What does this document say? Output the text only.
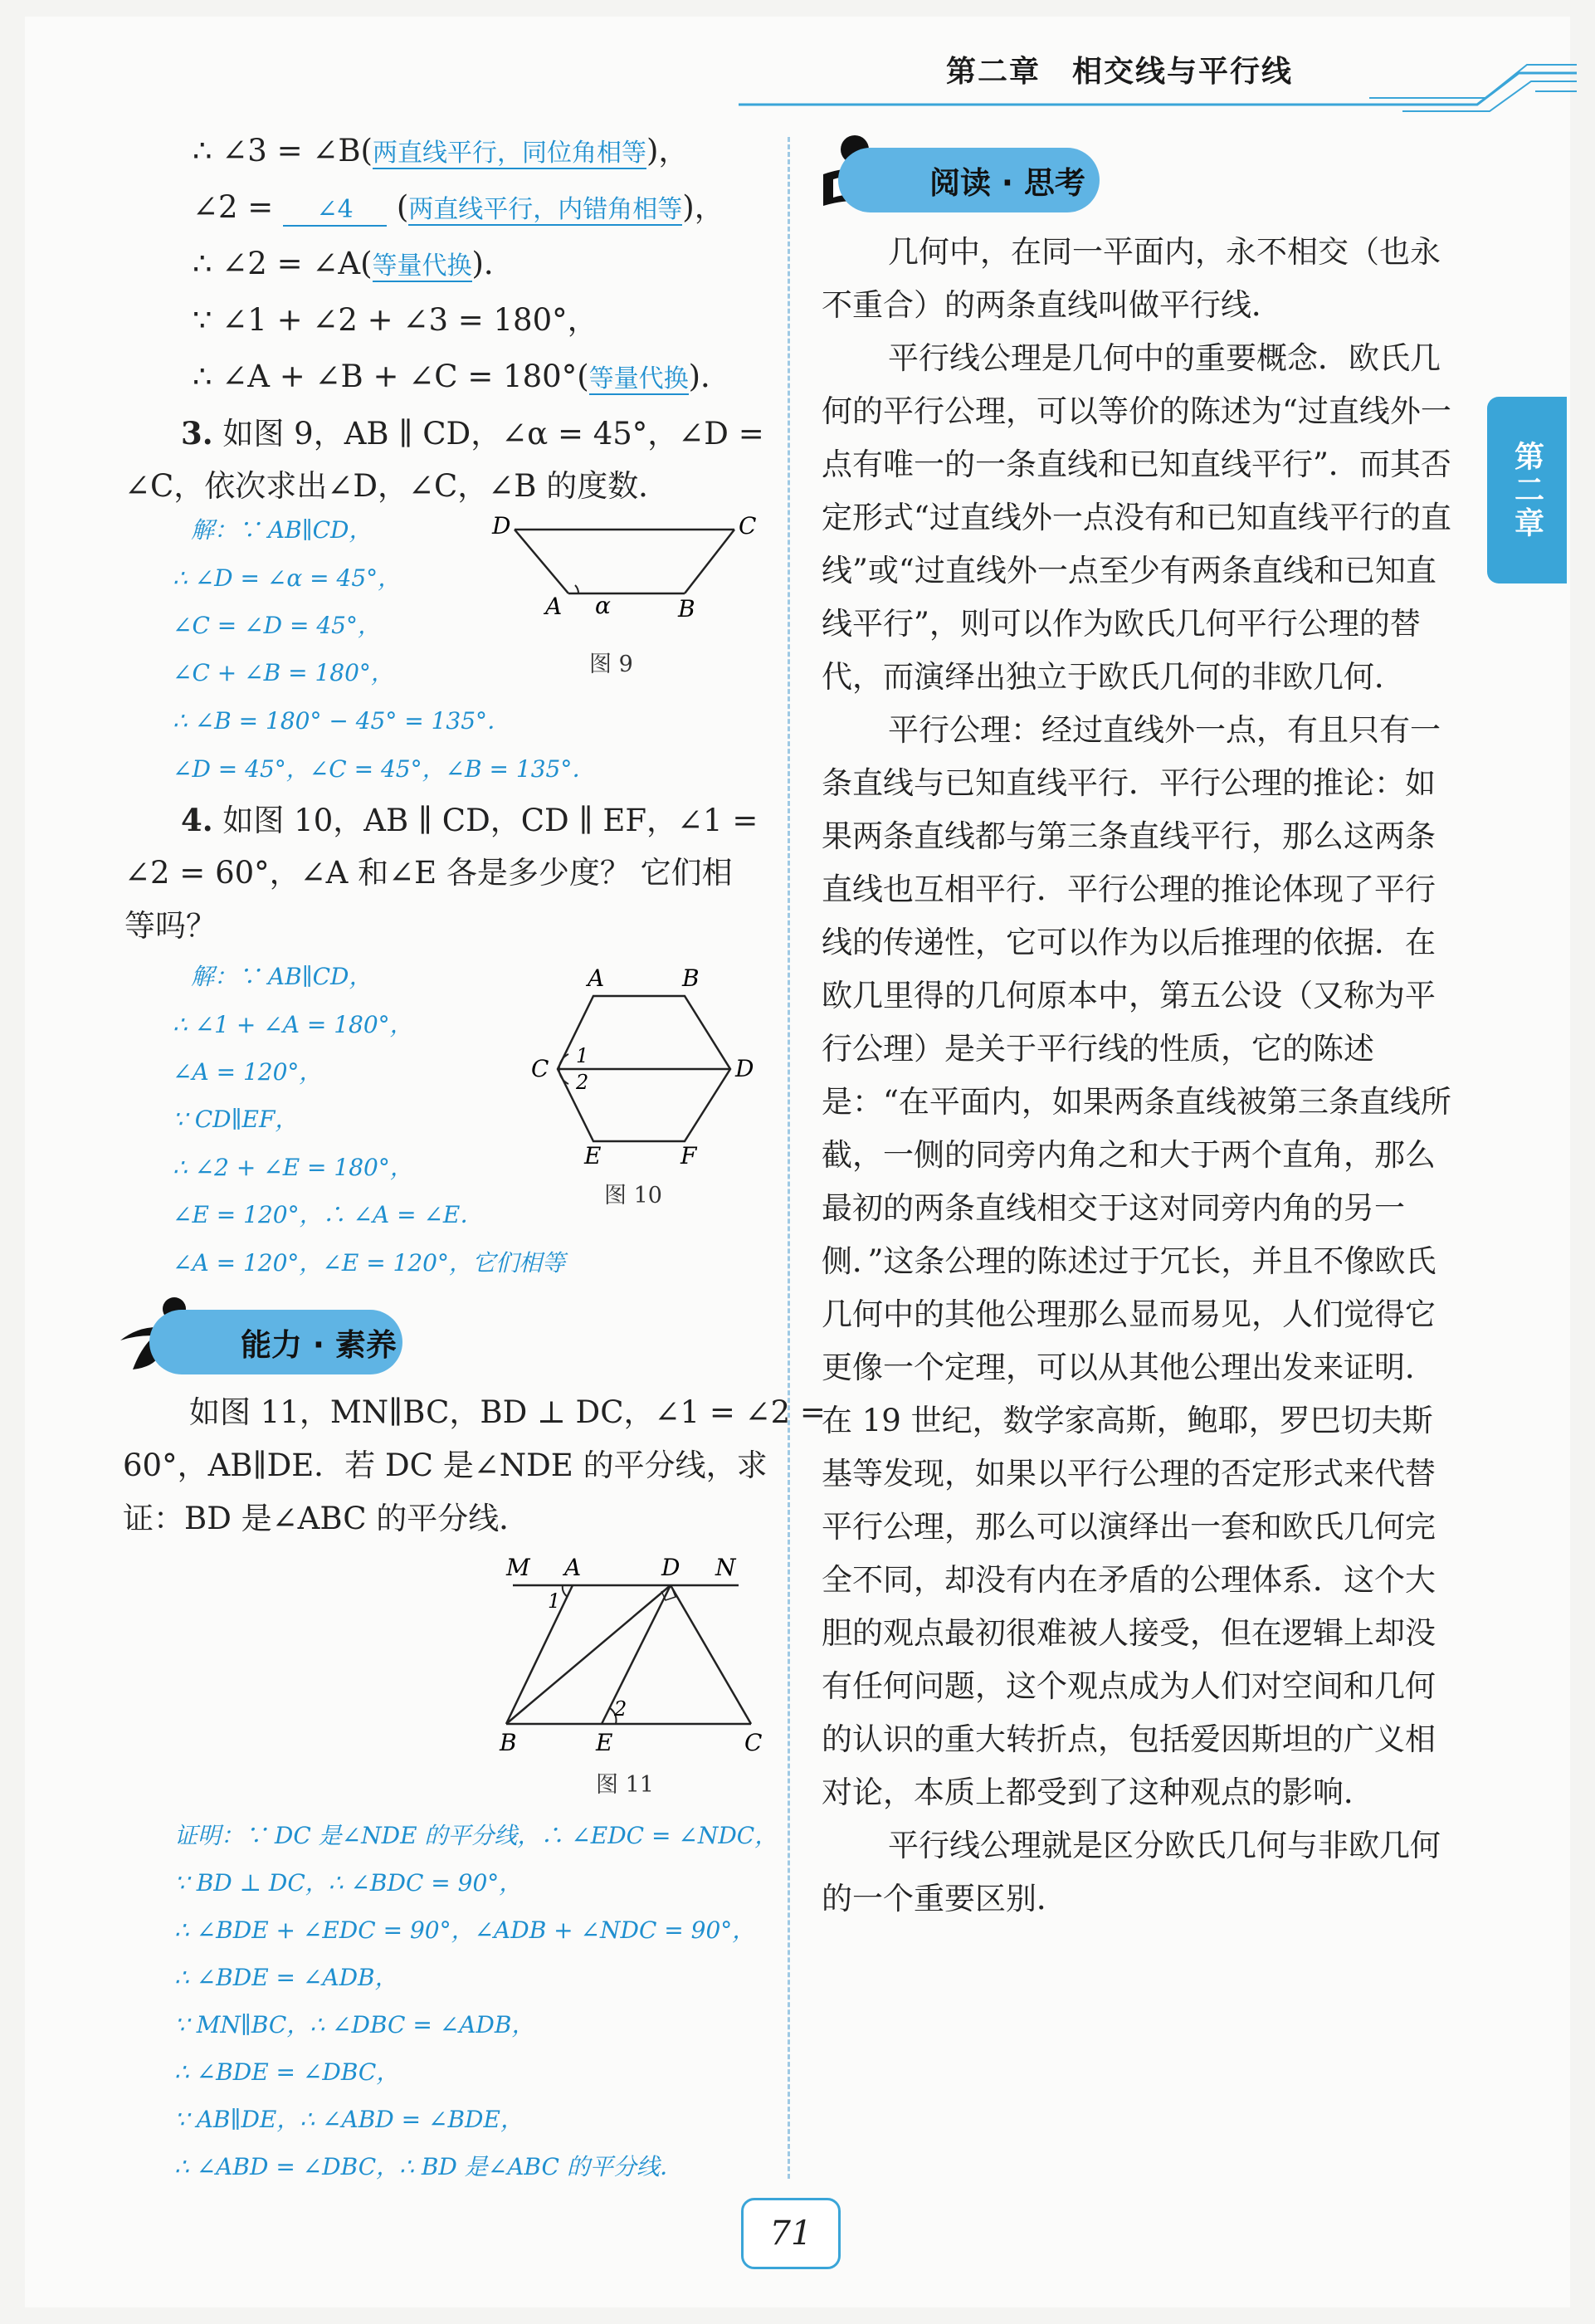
第二章　相交线与平行线
第二章
∴ ∠3 = ∠B(两直线平行，同位角相等)，
∠2 = ∠4 (两直线平行，内错角相等)，
∴ ∠2 = ∠A(等量代换)．
∵ ∠1 + ∠2 + ∠3 = 180°，
∴ ∠A + ∠B + ∠C = 180°(等量代换)．
3. 如图 9，AB ∥ CD，∠α = 45°，∠D =
∠C，依次求出∠D，∠C，∠B 的度数．
解：∵ AB∥CD，
∴ ∠D = ∠α = 45°，
∠C = ∠D = 45°，
∠C + ∠B = 180°，
∴ ∠B = 180° − 45° = 135°．
∠D = 45°，∠C = 45°，∠B = 135°．
D	C
A α	B
图 9
4. 如图 10，AB ∥ CD，CD ∥ EF，∠1 =
∠2 = 60°，∠A 和∠E 各是多少度？ 它们相
等吗？
解：∵ AB∥CD，
∴ ∠1 + ∠A = 180°，
∠A = 120°，
∵ CD∥EF，
∴ ∠2 + ∠E = 180°，
∠E = 120°，∴ ∠A = ∠E．
∠A = 120°，∠E = 120°，它们相等
A	B
C	D
E	F
1
2
图 10
能力 · 素养
如图 11，MN∥BC，BD ⊥ DC，∠1 = ∠2 =
60°，AB∥DE．若 DC 是∠NDE 的平分线，求
证：BD 是∠ABC 的平分线．
M A	D N
B	E	C
1
2
图 11
证明：∵ DC 是∠NDE 的平分线，∴ ∠EDC = ∠NDC，
∵ BD ⊥ DC，∴ ∠BDC = 90°，
∴ ∠BDE + ∠EDC = 90°，∠ADB + ∠NDC = 90°，
∴ ∠BDE = ∠ADB，
∵ MN∥BC，∴ ∠DBC = ∠ADB，
∴ ∠BDE = ∠DBC，
∵ AB∥DE，∴ ∠ABD = ∠BDE，
∴ ∠ABD = ∠DBC，∴ BD 是∠ABC 的平分线．
阅读 · 思考

几何中，在同一平面内，永不相交（也永不重合）的两条直线叫做平行线．

平行线公理是几何中的重要概念．欧氏几何的平行公理，可以等价的陈述为“过直线外一点有唯一的一条直线和已知直线平行”．而其否定形式“过直线外一点没有和已知直线平行的直线”或“过直线外一点至少有两条直线和已知直线平行”，则可以作为欧氏几何平行公理的替代，而演绎出独立于欧氏几何的非欧几何．

平行公理：经过直线外一点，有且只有一条直线与已知直线平行．平行公理的推论：如果两条直线都与第三条直线平行，那么这两条直线也互相平行．平行公理的推论体现了平行线的传递性，它可以作为以后推理的依据．在欧几里得的几何原本中，第五公设（又称为平行公理）是关于平行线的性质，它的陈述是：“在平面内，如果两条直线被第三条直线所截，一侧的同旁内角之和大于两个直角，那么最初的两条直线相交于这对同旁内角的另一侧．”这条公理的陈述过于冗长，并且不像欧氏几何中的其他公理那么显而易见，人们觉得它更像一个定理，可以从其他公理出发来证明．在 19 世纪，数学家高斯，鲍耶，罗巴切夫斯基等发现，如果以平行公理的否定形式来代替平行公理，那么可以演绎出一套和欧氏几何完全不同，却没有内在矛盾的公理体系．这个大胆的观点最初很难被人接受，但在逻辑上却没有任何问题，这个观点成为人们对空间和几何的认识的重大转折点，包括爱因斯坦的广义相对论，本质上都受到了这种观点的影响．

平行线公理就是区分欧氏几何与非欧几何的一个重要区别．

71
